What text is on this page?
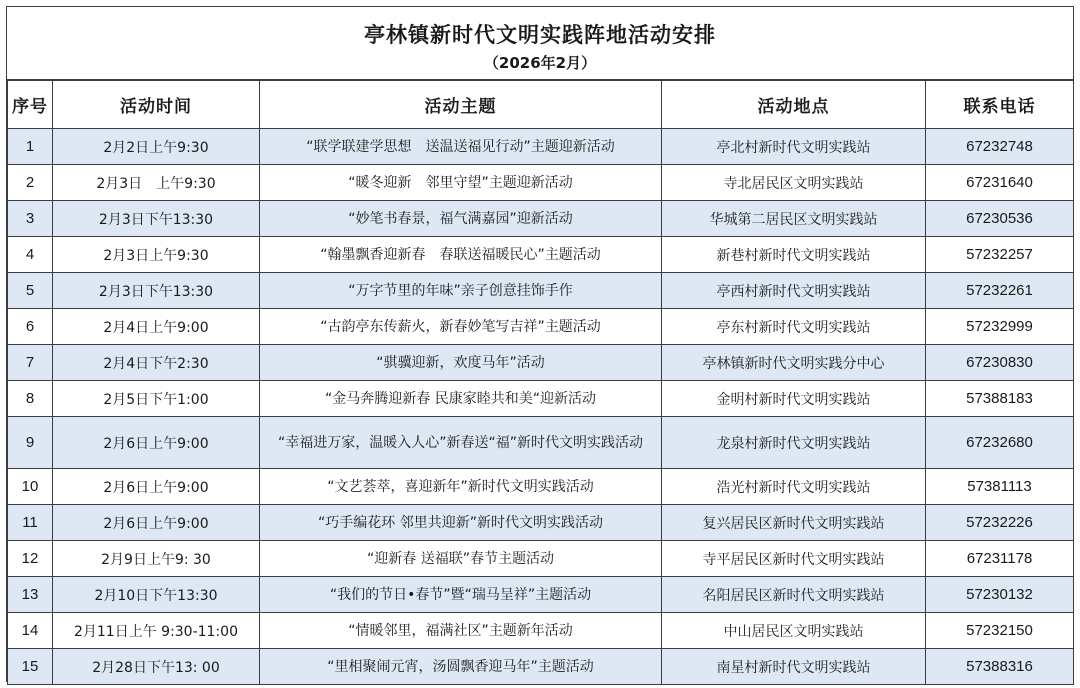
亭林镇新时代文明实践阵地活动安排
（2026年2月）
序号	活动时间	活动主题	活动地点	联系电话
1	2月2日上午9:30	“联学联建学思想　送温送福见行动”主题迎新活动	亭北村新时代文明实践站	67232748
2	2月3日　上午9:30	“暖冬迎新　邻里守望”主题迎新活动	寺北居民区文明实践站	67231640
3	2月3日下午13:30	“妙笔书春景，福气满嘉园”迎新活动	华城第二居民区文明实践站	67230536
4	2月3日上午9:30	“翰墨飘香迎新春　春联送福暖民心”主题活动	新巷村新时代文明实践站	57232257
5	2月3日下午13:30	“万字节里的年味”亲子创意挂饰手作	亭西村新时代文明实践站	57232261
6	2月4日上午9:00	“古韵亭东传薪火，新春妙笔写吉祥”主题活动	亭东村新时代文明实践站	57232999
7	2月4日下午2:30	“骐骥迎新，欢度马年”活动	亭林镇新时代文明实践分中心	67230830
8	2月5日下午1:00	“金马奔腾迎新春 民康家睦共和美“迎新活动	金明村新时代文明实践站	57388183
9	2月6日上午9:00	“幸福进万家，温暖入人心”新春送“福”新时代文明实践活动	龙泉村新时代文明实践站	67232680
10	2月6日上午9:00	“文艺荟萃，喜迎新年”新时代文明实践活动	浩光村新时代文明实践站	57381113
11	2月6日上午9:00	“巧手编花环 邻里共迎新”新时代文明实践活动	复兴居民区新时代文明实践站	57232226
12	2月9日上午9: 30	“迎新春 送福联”春节主题活动	寺平居民区新时代文明实践站	67231178
13	2月10日下午13:30	“我们的节日•春节”暨“瑞马呈祥”主题活动	名阳居民区新时代文明实践站	57230132
14	2月11日上午 9:30-11:00	“情暖邻里，福满社区”主题新年活动	中山居民区文明实践站	57232150
15	2月28日下午13: 00	“里相聚闹元宵，汤圆飘香迎马年”主题活动	南星村新时代文明实践站	57388316
